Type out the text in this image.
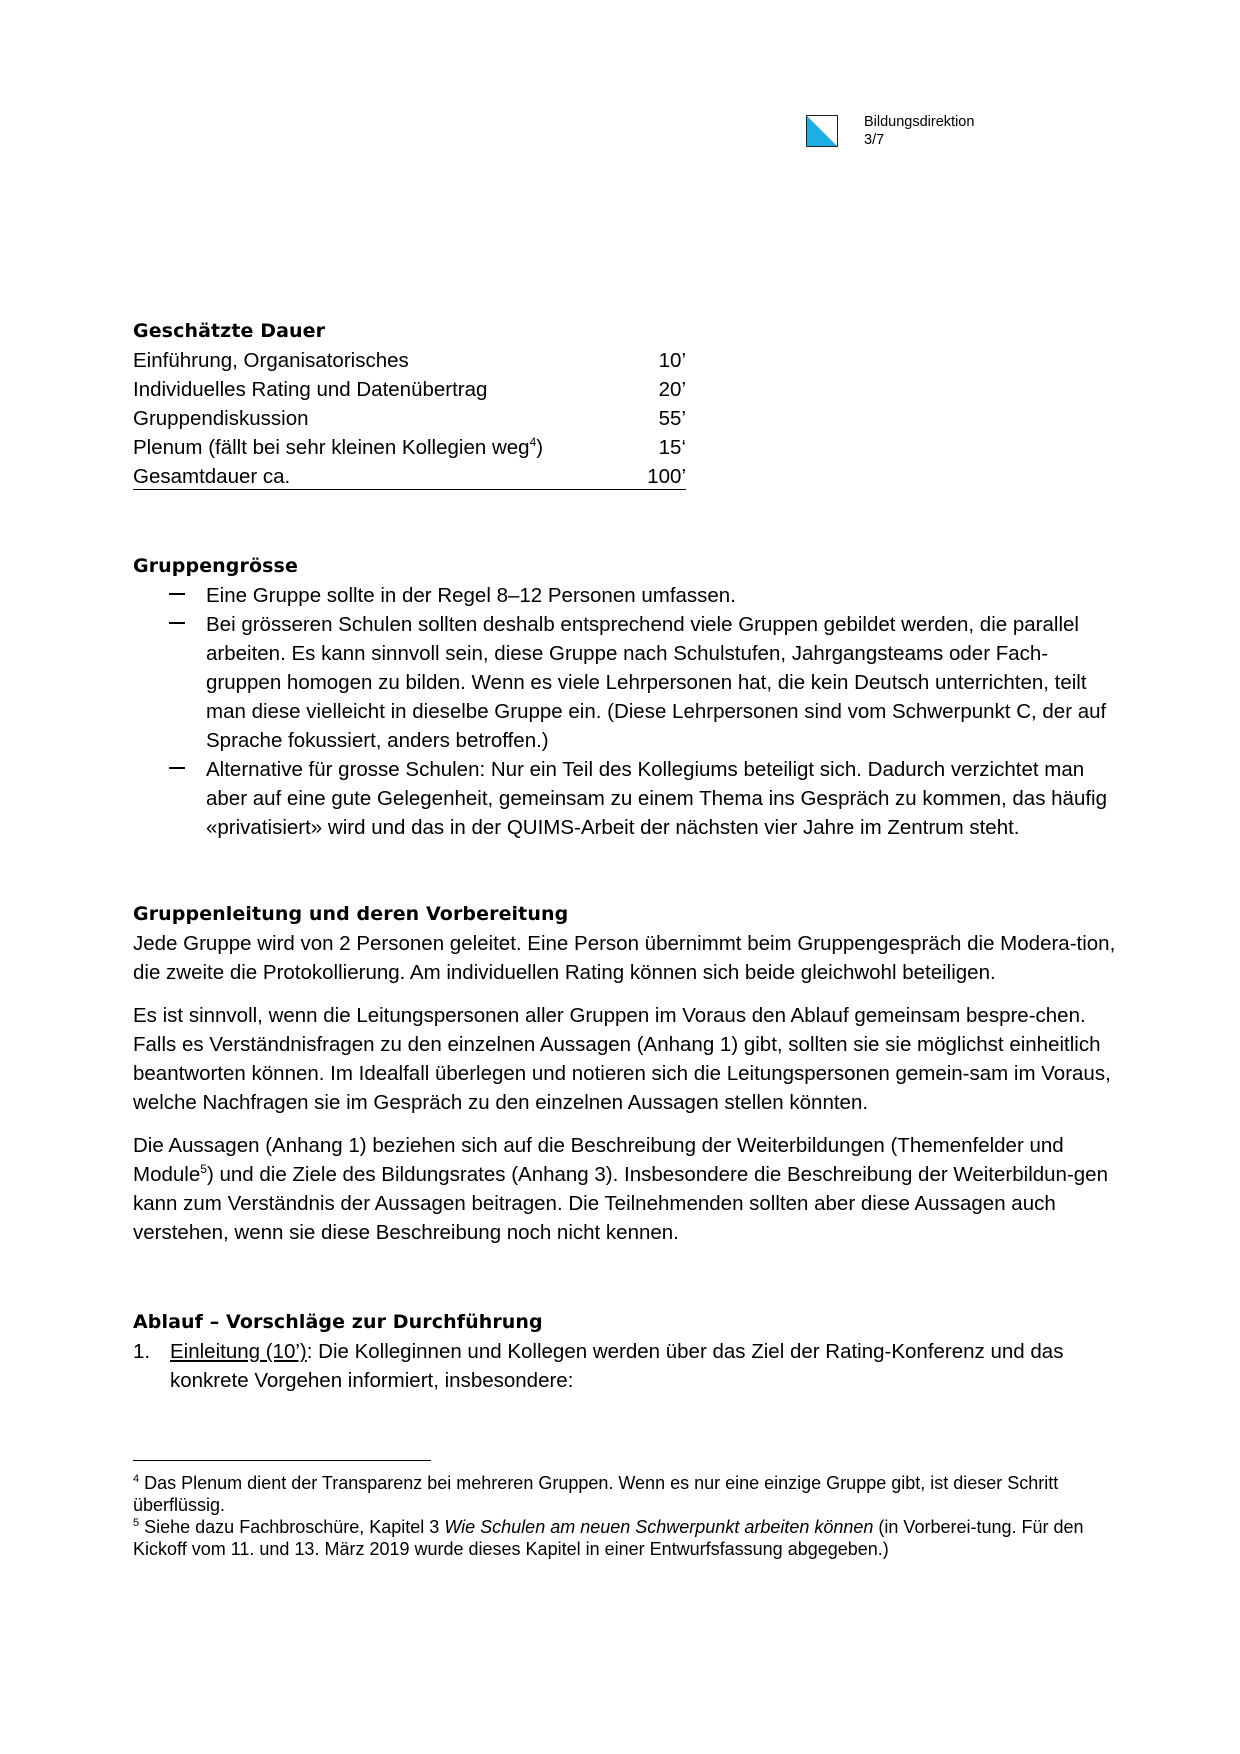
Bildungsdirektion
3/7
Geschätzte Dauer
Einführung, Organisatorisches	10’
Individuelles Rating und Datenübertrag	20’
Gruppendiskussion	55’
Plenum (fällt bei sehr kleinen Kollegien weg$^4$)	15‘
Gesamtdauer ca.	100’
Gruppengrösse
Eine Gruppe sollte in der Regel 8–12 Personen umfassen.
Bei grösseren Schulen sollten deshalb entsprechend viele Gruppen gebildet werden, die parallel arbeiten. Es kann sinnvoll sein, diese Gruppe nach Schulstufen, Jahrgangsteams oder Fach-gruppen homogen zu bilden. Wenn es viele Lehrpersonen hat, die kein Deutsch unterrichten, teilt man diese vielleicht in dieselbe Gruppe ein. (Diese Lehrpersonen sind vom Schwerpunkt C, der auf Sprache fokussiert, anders betroffen.)
Alternative für grosse Schulen: Nur ein Teil des Kollegiums beteiligt sich. Dadurch verzichtet man aber auf eine gute Gelegenheit, gemeinsam zu einem Thema ins Gespräch zu kommen, das häufig «privatisiert» wird und das in der QUIMS-Arbeit der nächsten vier Jahre im Zentrum steht.
Gruppenleitung und deren Vorbereitung

Jede Gruppe wird von 2 Personen geleitet. Eine Person übernimmt beim Gruppengespräch die Modera-tion, die zweite die Protokollierung. Am individuellen Rating können sich beide gleichwohl beteiligen.

Es ist sinnvoll, wenn die Leitungspersonen aller Gruppen im Voraus den Ablauf gemeinsam bespre-chen. Falls es Verständnisfragen zu den einzelnen Aussagen (Anhang 1) gibt, sollten sie sie möglichst einheitlich beantworten können. Im Idealfall überlegen und notieren sich die Leitungspersonen gemein-sam im Voraus, welche Nachfragen sie im Gespräch zu den einzelnen Aussagen stellen könnten.

Die Aussagen (Anhang 1) beziehen sich auf die Beschreibung der Weiterbildungen (Themenfelder und Module$^5$) und die Ziele des Bildungsrates (Anhang 3). Insbesondere die Beschreibung der Weiterbildun-gen kann zum Verständnis der Aussagen beitragen. Die Teilnehmenden sollten aber diese Aussagen auch verstehen, wenn sie diese Beschreibung noch nicht kennen.

Ablauf – Vorschläge zur Durchführung
1. Einleitung (10’): Die Kolleginnen und Kollegen werden über das Ziel der Rating-Konferenz und das konkrete Vorgehen informiert, insbesondere:

$^4$ Das Plenum dient der Transparenz bei mehreren Gruppen. Wenn es nur eine einzige Gruppe gibt, ist dieser Schritt überflüssig.

$^5$ Siehe dazu Fachbroschüre, Kapitel 3 Wie Schulen am neuen Schwerpunkt arbeiten können (in Vorberei-tung. Für den Kickoff vom 11. und 13. März 2019 wurde dieses Kapitel in einer Entwurfsfassung abgegeben.)
